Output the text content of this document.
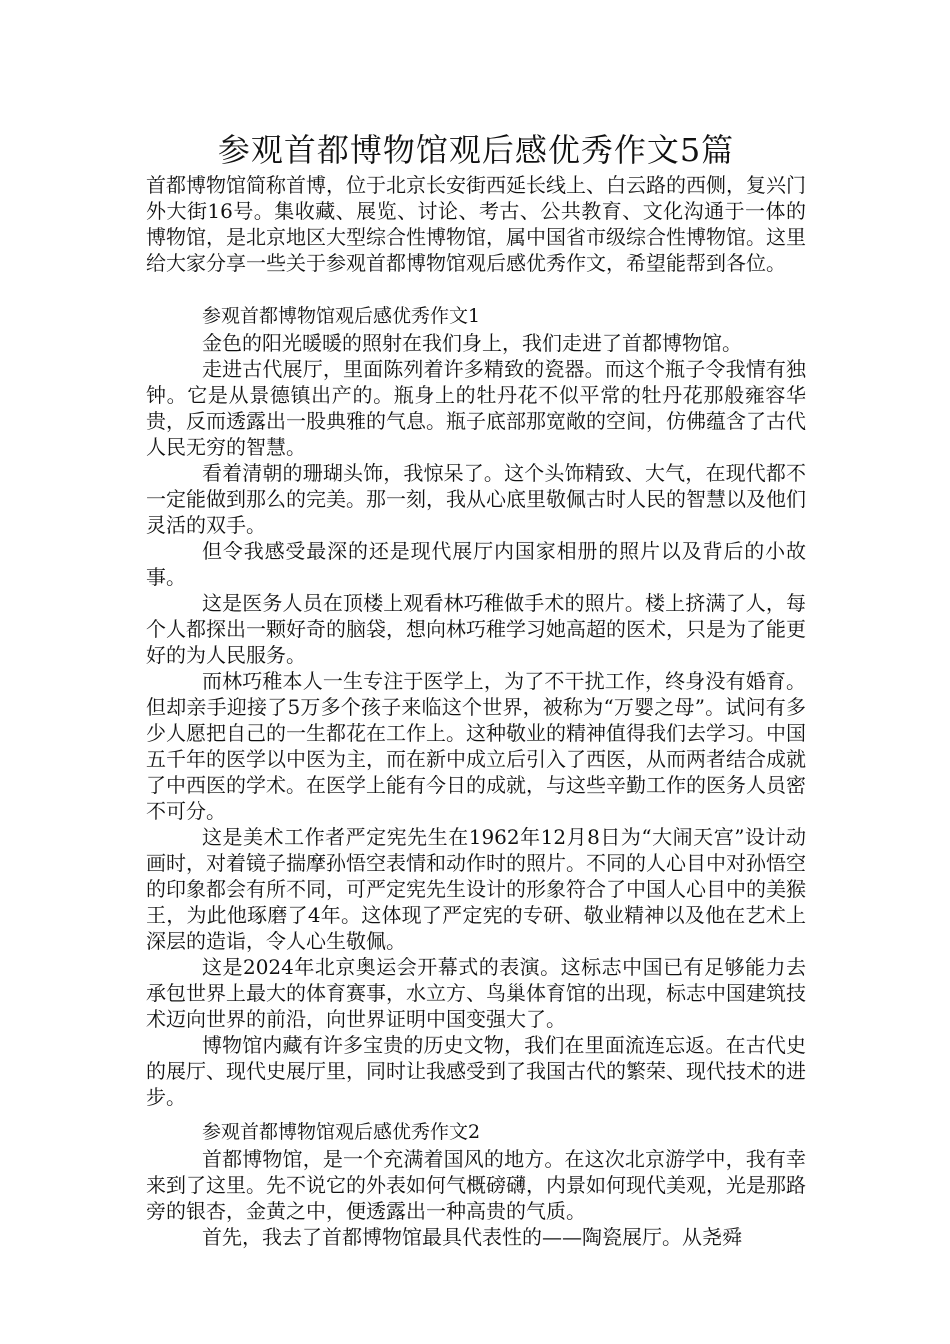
参观首都博物馆观后感优秀作文5篇

首都博物馆简称首博，位于北京长安街西延长线上、白云路的西侧，复兴门外大街16号。集收藏、展览、讨论、考古、公共教育、文化沟通于一体的博物馆，是北京地区大型综合性博物馆，属中国省市级综合性博物馆。这里给大家分享一些关于参观首都博物馆观后感优秀作文，希望能帮到各位。

参观首都博物馆观后感优秀作文1

金色的阳光暖暖的照射在我们身上，我们走进了首都博物馆。

走进古代展厅，里面陈列着许多精致的瓷器。而这个瓶子令我情有独钟。它是从景德镇出产的。瓶身上的牡丹花不似平常的牡丹花那般雍容华贵，反而透露出一股典雅的气息。瓶子底部那宽敞的空间，仿佛蕴含了古代人民无穷的智慧。

看着清朝的珊瑚头饰，我惊呆了。这个头饰精致、大气，在现代都不一定能做到那么的完美。那一刻，我从心底里敬佩古时人民的智慧以及他们灵活的双手。

但令我感受最深的还是现代展厅内国家相册的照片以及背后的小故事。

这是医务人员在顶楼上观看林巧稚做手术的照片。楼上挤满了人，每个人都探出一颗好奇的脑袋，想向林巧稚学习她高超的医术，只是为了能更好的为人民服务。

而林巧稚本人一生专注于医学上，为了不干扰工作，终身没有婚育。但却亲手迎接了5万多个孩子来临这个世界，被称为“万婴之母”。试问有多少人愿把自己的一生都花在工作上。这种敬业的精神值得我们去学习。中国五千年的医学以中医为主，而在新中成立后引入了西医，从而两者结合成就了中西医的学术。在医学上能有今日的成就，与这些辛勤工作的医务人员密不可分。

这是美术工作者严定宪先生在1962年12月8日为“大闹天宫”设计动画时，对着镜子揣摩孙悟空表情和动作时的照片。不同的人心目中对孙悟空的印象都会有所不同，可严定宪先生设计的形象符合了中国人心目中的美猴王，为此他琢磨了4年。这体现了严定宪的专研、敬业精神以及他在艺术上深层的造诣，令人心生敬佩。

这是2024年北京奥运会开幕式的表演。这标志中国已有足够能力去承包世界上最大的体育赛事，水立方、鸟巢体育馆的出现，标志中国建筑技术迈向世界的前沿，向世界证明中国变强大了。

博物馆内藏有许多宝贵的历史文物，我们在里面流连忘返。在古代史的展厅、现代史展厅里，同时让我感受到了我国古代的繁荣、现代技术的进步。

参观首都博物馆观后感优秀作文2

首都博物馆，是一个充满着国风的地方。在这次北京游学中，我有幸来到了这里。先不说它的外表如何气概磅礴，内景如何现代美观，光是那路旁的银杏，金黄之中，便透露出一种高贵的气质。

首先，我去了首都博物馆最具代表性的——陶瓷展厅。从尧舜
